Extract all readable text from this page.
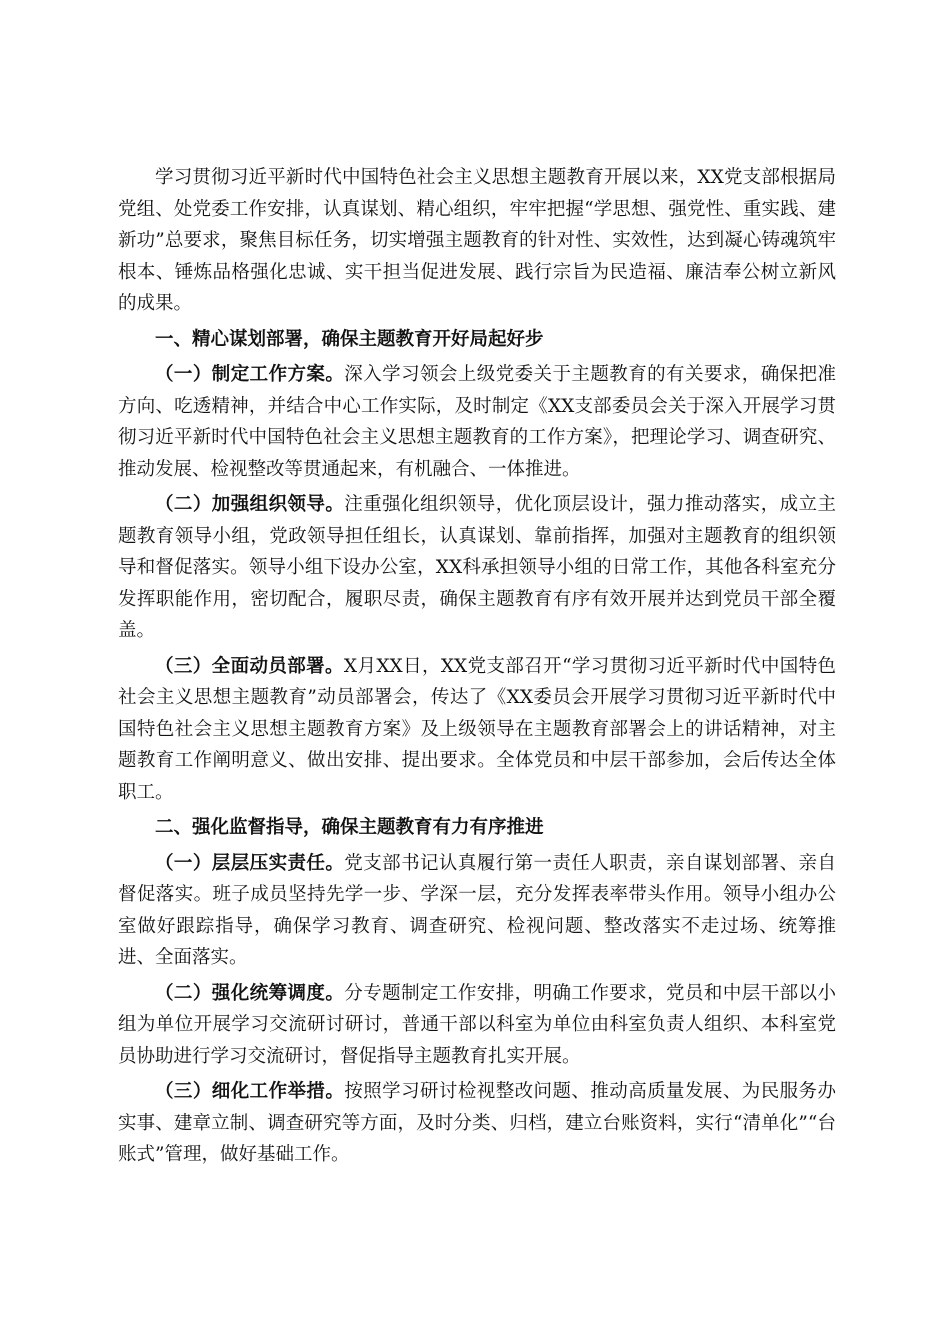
学习贯彻习近平新时代中国特色社会主义思想主题教育开展以来，XX党支部根据局党组、处党委工作安排，认真谋划、精心组织，牢牢把握“学思想、强党性、重实践、建新功”总要求，聚焦目标任务，切实增强主题教育的针对性、实效性，达到凝心铸魂筑牢根本、锤炼品格强化忠诚、实干担当促进发展、践行宗旨为民造福、廉洁奉公树立新风的成果。

一、精心谋划部署，确保主题教育开好局起好步

（一）制定工作方案。深入学习领会上级党委关于主题教育的有关要求，确保把准方向、吃透精神，并结合中心工作实际，及时制定《XX支部委员会关于深入开展学习贯彻习近平新时代中国特色社会主义思想主题教育的工作方案》，把理论学习、调查研究、推动发展、检视整改等贯通起来，有机融合、一体推进。

（二）加强组织领导。注重强化组织领导，优化顶层设计，强力推动落实，成立主题教育领导小组，党政领导担任组长，认真谋划、靠前指挥，加强对主题教育的组织领导和督促落实。领导小组下设办公室，XX科承担领导小组的日常工作，其他各科室充分发挥职能作用，密切配合，履职尽责，确保主题教育有序有效开展并达到党员干部全覆盖。

（三）全面动员部署。X月XX日，XX党支部召开“学习贯彻习近平新时代中国特色社会主义思想主题教育”动员部署会，传达了《XX委员会开展学习贯彻习近平新时代中国特色社会主义思想主题教育方案》及上级领导在主题教育部署会上的讲话精神，对主题教育工作阐明意义、做出安排、提出要求。全体党员和中层干部参加，会后传达全体职工。

二、强化监督指导，确保主题教育有力有序推进

（一）层层压实责任。党支部书记认真履行第一责任人职责，亲自谋划部署、亲自督促落实。班子成员坚持先学一步、学深一层，充分发挥表率带头作用。领导小组办公室做好跟踪指导，确保学习教育、调查研究、检视问题、整改落实不走过场、统筹推进、全面落实。

（二）强化统筹调度。分专题制定工作安排，明确工作要求，党员和中层干部以小组为单位开展学习交流研讨研讨，普通干部以科室为单位由科室负责人组织、本科室党员协助进行学习交流研讨，督促指导主题教育扎实开展。

（三）细化工作举措。按照学习研讨检视整改问题、推动高质量发展、为民服务办实事、建章立制、调查研究等方面，及时分类、归档，建立台账资料，实行“清单化”“台账式”管理，做好基础工作。
